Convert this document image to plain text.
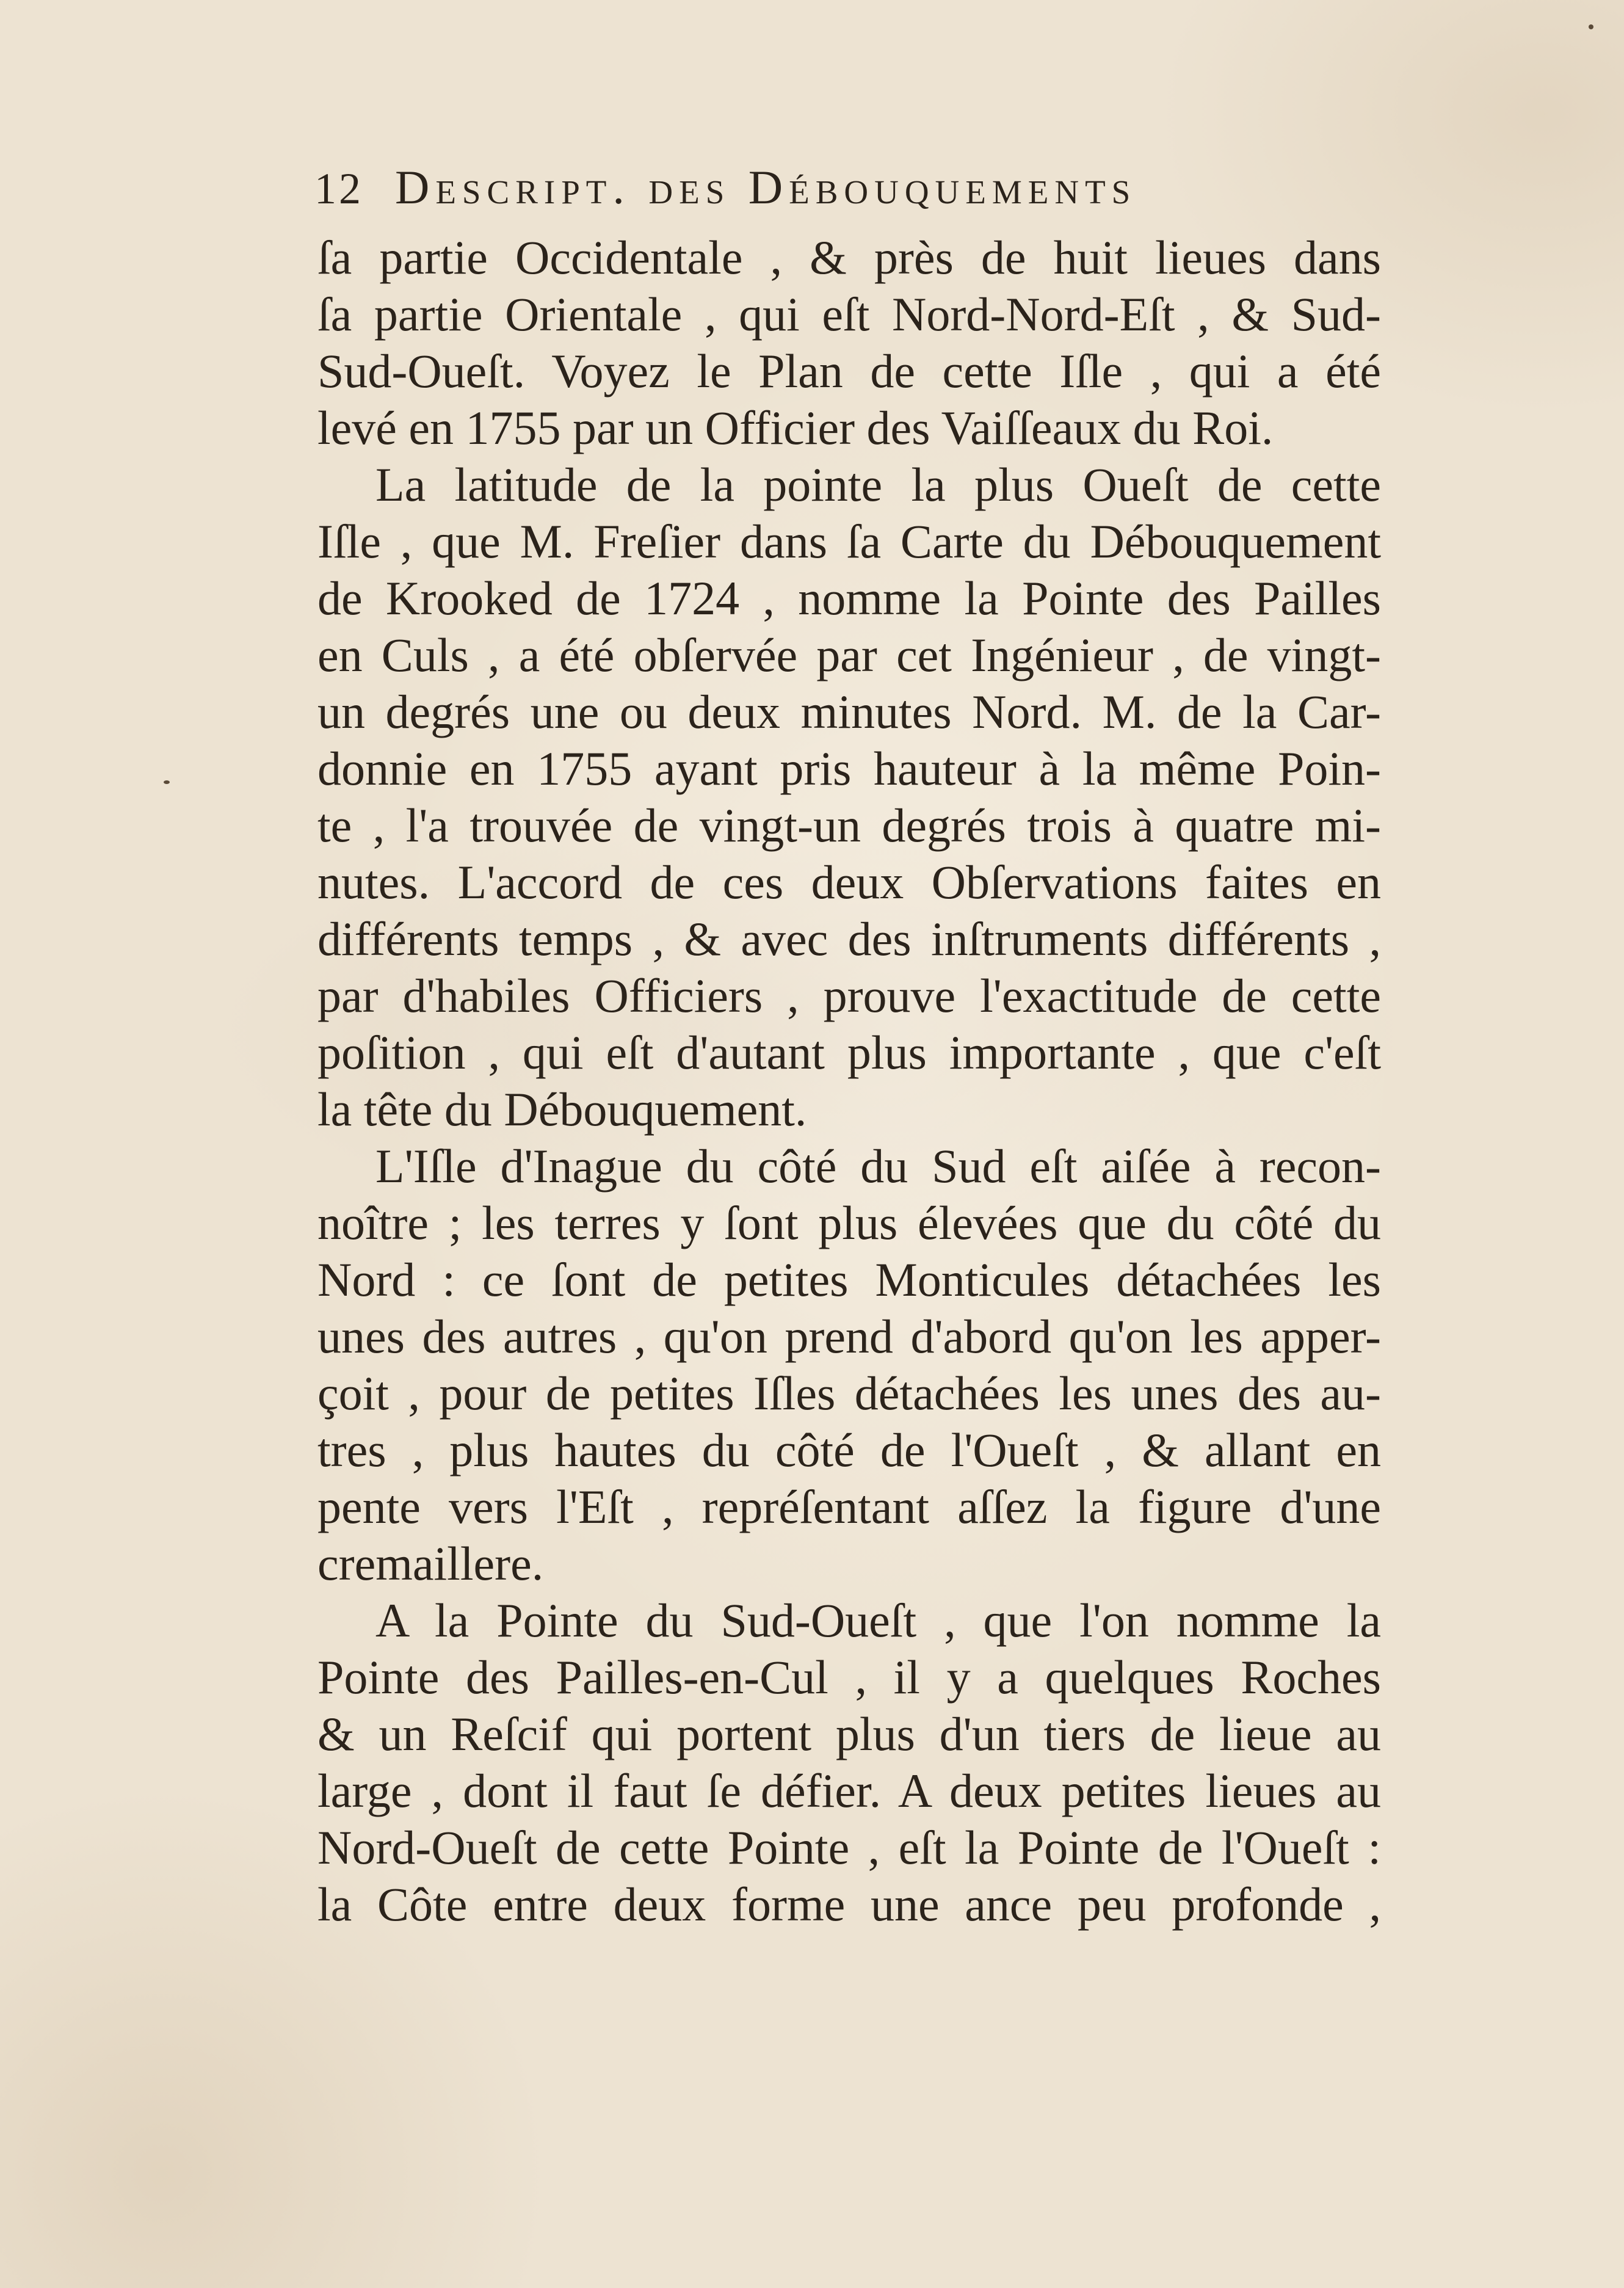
12 Descript. des Débouquements
ſa partie Occidentale , & près de huit lieues dans
ſa partie Orientale , qui eſt Nord-Nord-Eſt , & Sud-
Sud-Oueſt. Voyez le Plan de cette Iſle , qui a été
levé en 1755 par un Officier des Vaiſſeaux du Roi.
La latitude de la pointe la plus Oueſt de cette
Iſle , que M. Freſier dans ſa Carte du Débouquement
de Krooked de 1724 , nomme la Pointe des Pailles
en Culs , a été obſervée par cet Ingénieur , de vingt-
un degrés une ou deux minutes Nord. M. de la Car-
donnie en 1755 ayant pris hauteur à la même Poin-
te , l'a trouvée de vingt-un degrés trois à quatre mi-
nutes. L'accord de ces deux Obſervations faites en
différents temps , & avec des inſtruments différents ,
par d'habiles Officiers , prouve l'exactitude de cette
poſition , qui eſt d'autant plus importante , que c'eſt
la tête du Débouquement.
L'Iſle d'Inague du côté du Sud eſt aiſée à recon-
noître ; les terres y ſont plus élevées que du côté du
Nord : ce ſont de petites Monticules détachées les
unes des autres , qu'on prend d'abord qu'on les apper-
çoit , pour de petites Iſles détachées les unes des au-
tres , plus hautes du côté de l'Oueſt , & allant en
pente vers l'Eſt , repréſentant aſſez la figure d'une
cremaillere.
A la Pointe du Sud-Oueſt , que l'on nomme la
Pointe des Pailles-en-Cul , il y a quelques Roches
& un Reſcif qui portent plus d'un tiers de lieue au
large , dont il faut ſe défier. A deux petites lieues au
Nord-Oueſt de cette Pointe , eſt la Pointe de l'Oueſt :
la Côte entre deux forme une ance peu profonde ,
